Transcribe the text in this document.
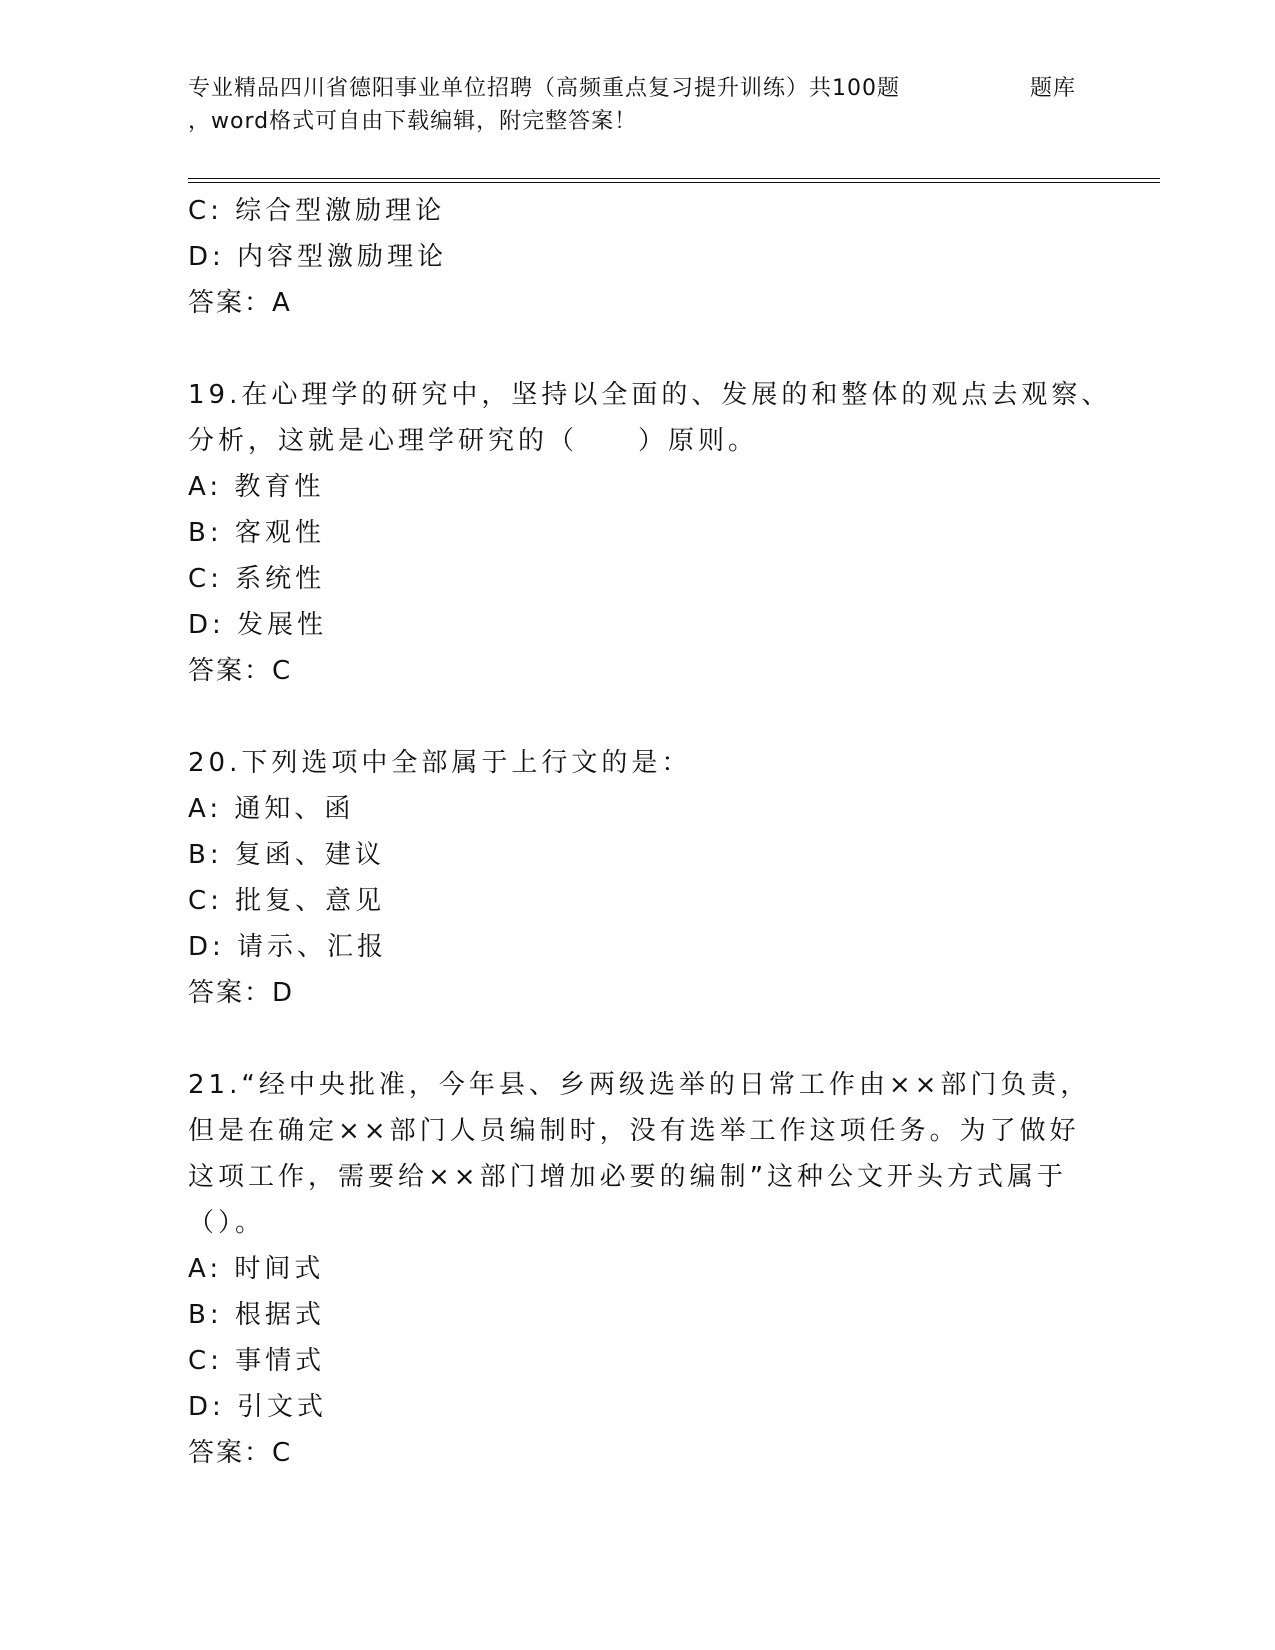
专业精品四川省德阳事业单位招聘（高频重点复习提升训练）共100题	题库
，word格式可自由下载编辑，附完整答案！
C: 综合型激励理论
D: 内容型激励理论
答案：A
19.在心理学的研究中，坚持以全面的、发展的和整体的观点去观察、
分析，这就是心理学研究的（　　）原则。
A: 教育性
B: 客观性
C: 系统性
D: 发展性
答案：C
20.下列选项中全部属于上行文的是：
A: 通知、函
B: 复函、建议
C: 批复、意见
D: 请示、汇报
答案：D
21.“经中央批准，今年县、乡两级选举的日常工作由××部门负责，
但是在确定××部门人员编制时，没有选举工作这项任务。为了做好
这项工作，需要给××部门增加必要的编制”这种公文开头方式属于
（）。
A: 时间式
B: 根据式
C: 事情式
D: 引文式
答案：C
